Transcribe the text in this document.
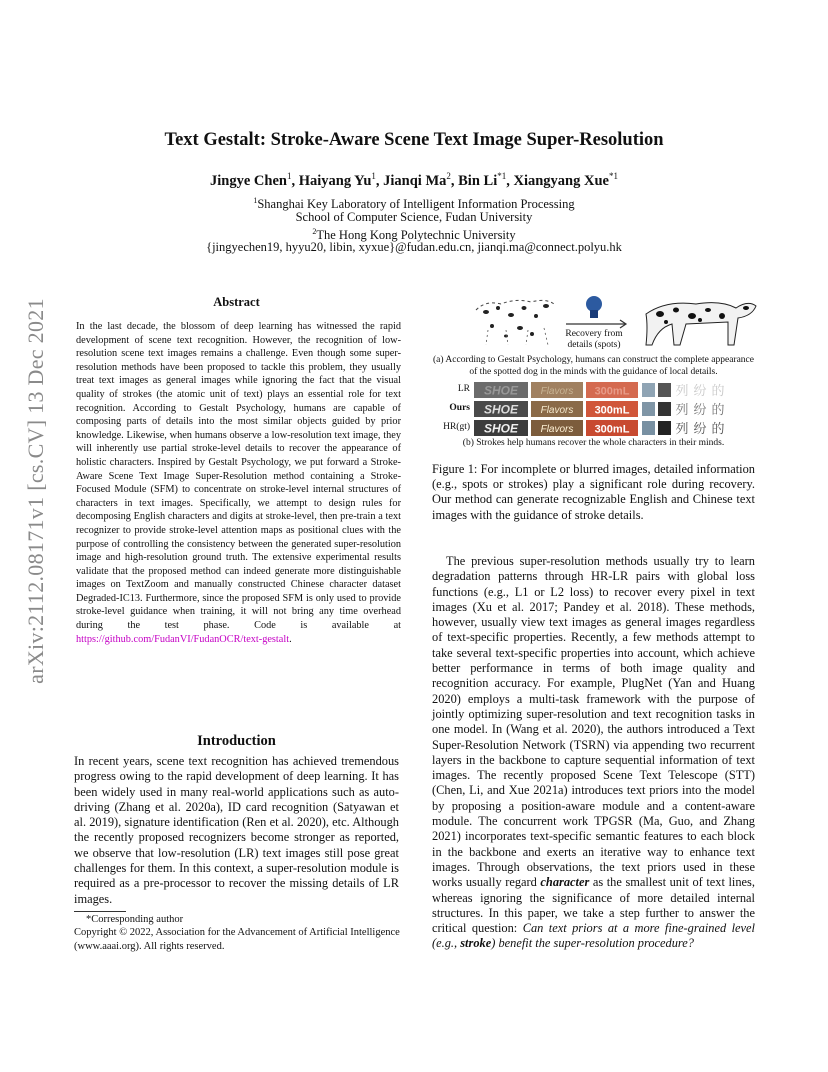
arXiv:2112.08171v1 [cs.CV] 13 Dec 2021
Text Gestalt: Stroke-Aware Scene Text Image Super-Resolution
Jingye Chen$^1$, Haiyang Yu$^1$, Jianqi Ma$^2$, Bin Li$^{*1}$, Xiangyang Xue$^{*1}$
$^1$Shanghai Key Laboratory of Intelligent Information Processing
School of Computer Science, Fudan University
$^2$The Hong Kong Polytechnic University
{jingyechen19, hyyu20, libin, xyxue}@fudan.edu.cn, jianqi.ma@connect.polyu.hk
Abstract
In the last decade, the blossom of deep learning has witnessed the rapid development of scene text recognition. However, the recognition of low-resolution scene text images remains a challenge. Even though some super-resolution methods have been proposed to tackle this problem, they usually treat text images as general images while ignoring the fact that the visual quality of strokes (the atomic unit of text) plays an essential role for text recognition. According to Gestalt Psychology, humans are capable of composing parts of details into the most similar objects guided by prior knowledge. Likewise, when humans observe a low-resolution text image, they will inherently use partial stroke-level details to recover the appearance of holistic characters. Inspired by Gestalt Psychology, we put forward a Stroke-Aware Scene Text Image Super-Resolution method containing a Stroke-Focused Module (SFM) to concentrate on stroke-level internal structures of characters in text images. Specifically, we attempt to design rules for decomposing English characters and digits at stroke-level, then pre-train a text recognizer to provide stroke-level attention maps as positional clues with the purpose of controlling the consistency between the generated super-resolution image and high-resolution ground truth. The extensive experimental results validate that the proposed method can indeed generate more distinguishable images on TextZoom and manually constructed Chinese character dataset Degraded-IC13. Furthermore, since the proposed SFM is only used to provide stroke-level guidance when training, it will not bring any time overhead during the test phase. Code is available at https://github.com/FudanVI/FudanOCR/text-gestalt.
Introduction
In recent years, scene text recognition has achieved tremendous progress owing to the rapid development of deep learning. It has been widely used in many real-world applications such as auto-driving (Zhang et al. 2020a), ID card recognition (Satyawan et al. 2019), signature identification (Ren et al. 2020), etc. Although the recently proposed recognizers become stronger as reported, we observe that low-resolution (LR) text images still pose great challenges for them. In this context, a super-resolution module is required as a pre-processor to recover the missing details of LR images.
*Corresponding author
Copyright © 2022, Association for the Advancement of Artificial Intelligence (www.aaai.org). All rights reserved.
Recovery from
details (spots)
(a) According to Gestalt Psychology, humans can construct the complete appearance of the spotted dog in the minds with the guidance of local details.
LR SHOE Flavors 300mL	列 纷 的
Ours SHOE Flavors 300mL	列 纷 的
HR(gt) SHOE Flavors 300mL	列 纷 的
(b) Strokes help humans recover the whole characters in their minds.
Figure 1: For incomplete or blurred images, detailed information (e.g., spots or strokes) play a significant role during recovery. Our method can generate recognizable English and Chinese text images with the guidance of stroke details.
The previous super-resolution methods usually try to learn degradation patterns through HR-LR pairs with global loss functions (e.g., L1 or L2 loss) to recover every pixel in text images (Xu et al. 2017; Pandey et al. 2018). These methods, however, usually view text images as general images regardless of text-specific properties. Recently, a few methods attempt to take several text-specific properties into account, which achieve better performance in terms of both image quality and recognition accuracy. For example, PlugNet (Yan and Huang 2020) employs a multi-task framework with the purpose of jointly optimizing super-resolution and text recognition tasks in one model. In (Wang et al. 2020), the authors introduced a Text Super-Resolution Network (TSRN) via appending two recurrent layers in the backbone to capture sequential information of text images. The recently proposed Scene Text Telescope (STT) (Chen, Li, and Xue 2021a) introduces text priors into the model by proposing a position-aware module and a content-aware module. The concurrent work TPGSR (Ma, Guo, and Zhang 2021) incorporates text-specific semantic features to each block in the backbone and exerts an iterative way to enhance text images. Through observations, the text priors used in these works usually regard character as the smallest unit of text lines, whereas ignoring the significance of more detailed internal structures. In this paper, we take a step further to answer the critical question: Can text priors at a more fine-grained level (e.g., stroke) benefit the super-resolution procedure?
